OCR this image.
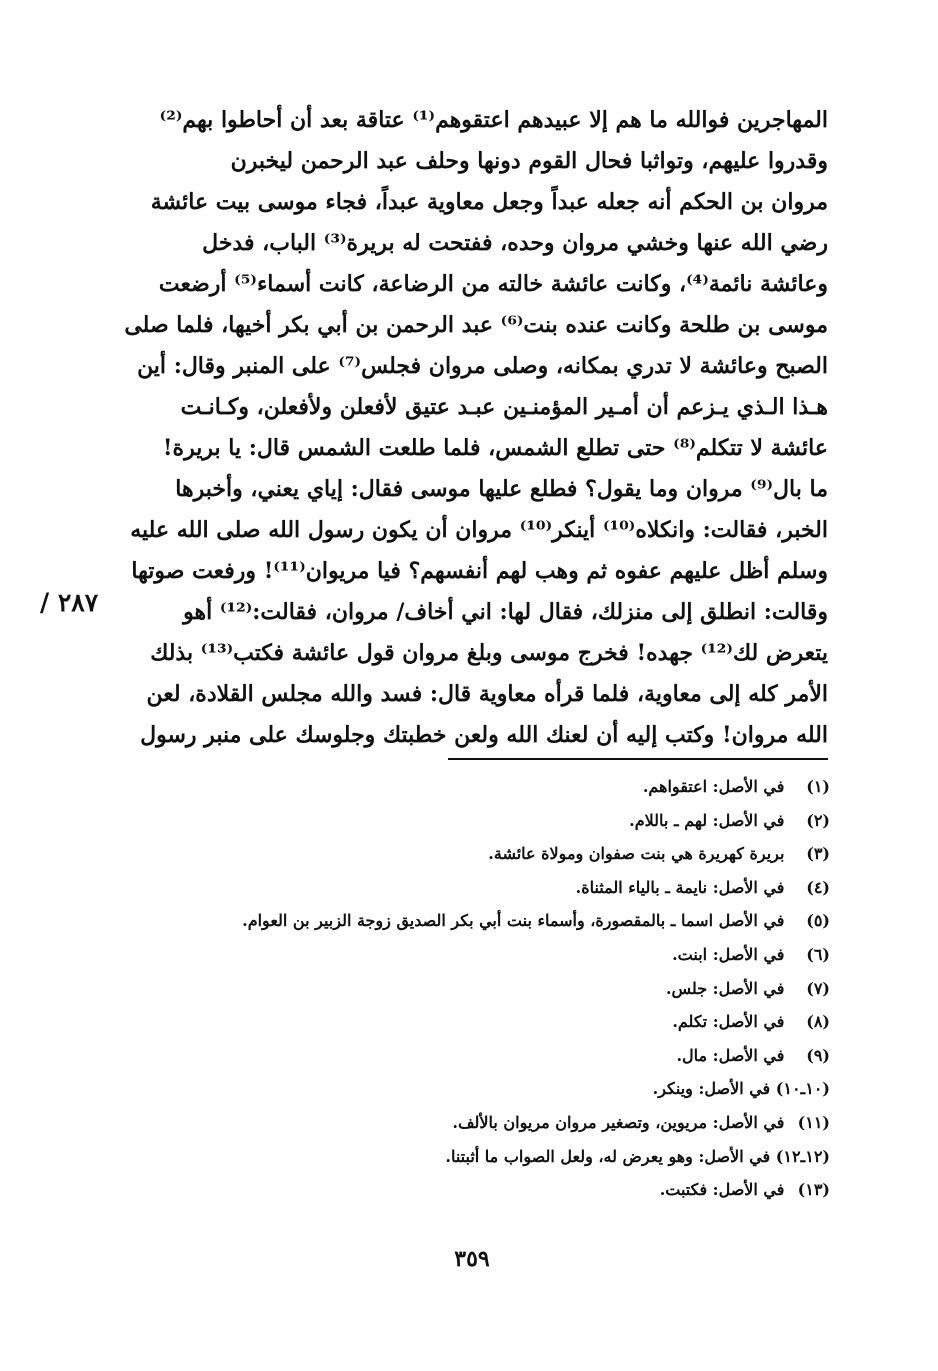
المهاجرين فوالله ما هم إلا عبيدهم اعتقوهم⁽¹⁾ عتاقة بعد أن أحاطوا بهم⁽²⁾
وقدروا عليهم، وتواثبا فحال القوم دونها وحلف عبد الرحمن ليخبرن
مروان بن الحكم أنه جعله عبداً وجعل معاوية عبداً، فجاء موسى بيت عائشة
رضي الله عنها وخشي مروان وحده، ففتحت له بريرة⁽³⁾ الباب، فدخل
وعائشة نائمة⁽⁴⁾، وكانت عائشة خالته من الرضاعة، كانت أسماء⁽⁵⁾ أرضعت
موسى بن طلحة وكانت عنده بنت⁽⁶⁾ عبد الرحمن بن أبي بكر أخيها، فلما صلى
الصبح وعائشة لا تدري بمكانه، وصلى مروان فجلس⁽⁷⁾ على المنبر وقال: أين
هـذا الـذي يـزعم أن أمـير المؤمنـين عبـد عتيق لأفعلن ولأفعلن، وكـانـت
عائشة لا تتكلم⁽⁸⁾ حتى تطلع الشمس، فلما طلعت الشمس قال: يا بريرة!
ما بال⁽⁹⁾ مروان وما يقول؟ فطلع عليها موسى فقال: إياي يعني، وأخبرها
الخبر، فقالت: وانكلاه⁽¹⁰⁾ أينكر⁽¹⁰⁾ مروان أن يكون رسول الله صلى الله عليه
وسلم أظل عليهم عفوه ثم وهب لهم أنفسهم؟ فيا مريوان⁽¹¹⁾! ورفعت صوتها
وقالت: انطلق إلى منزلك، فقال لها: اني أخاف/ مروان، فقالت:⁽¹²⁾ أهو
يتعرض لك⁽¹²⁾ جهده! فخرج موسى وبلغ مروان قول عائشة فكتب⁽¹³⁾ بذلك
الأمر كله إلى معاوية، فلما قرأه معاوية قال: فسد والله مجلس القلادة، لعن
الله مروان! وكتب إليه أن لعنك الله ولعن خطبتك وجلوسك على منبر رسول
٢٨٧ /
(١) في الأصل: اعتقواهم.
(٢) في الأصل: لهم ـ باللام.
(٣) بريرة كهريرة هي بنت صفوان ومولاة عائشة.
(٤) في الأصل: نايمة ـ بالياء المثناة.
(٥) في الأصل اسما ـ بالمقصورة، وأسماء بنت أبي بكر الصديق زوجة الزبير بن العوام.
(٦) في الأصل: ابنت.
(٧) في الأصل: جلس.
(٨) في الأصل: تكلم.
(٩) في الأصل: مال.
(١٠ـ١٠) في الأصل: وينكر.
(١١) في الأصل: مريوين، وتصغير مروان مريوان بالألف.
(١٢ـ١٢) في الأصل: وهو يعرض له، ولعل الصواب ما أثبتنا.
(١٣) في الأصل: فكتبت.
٣٥٩
